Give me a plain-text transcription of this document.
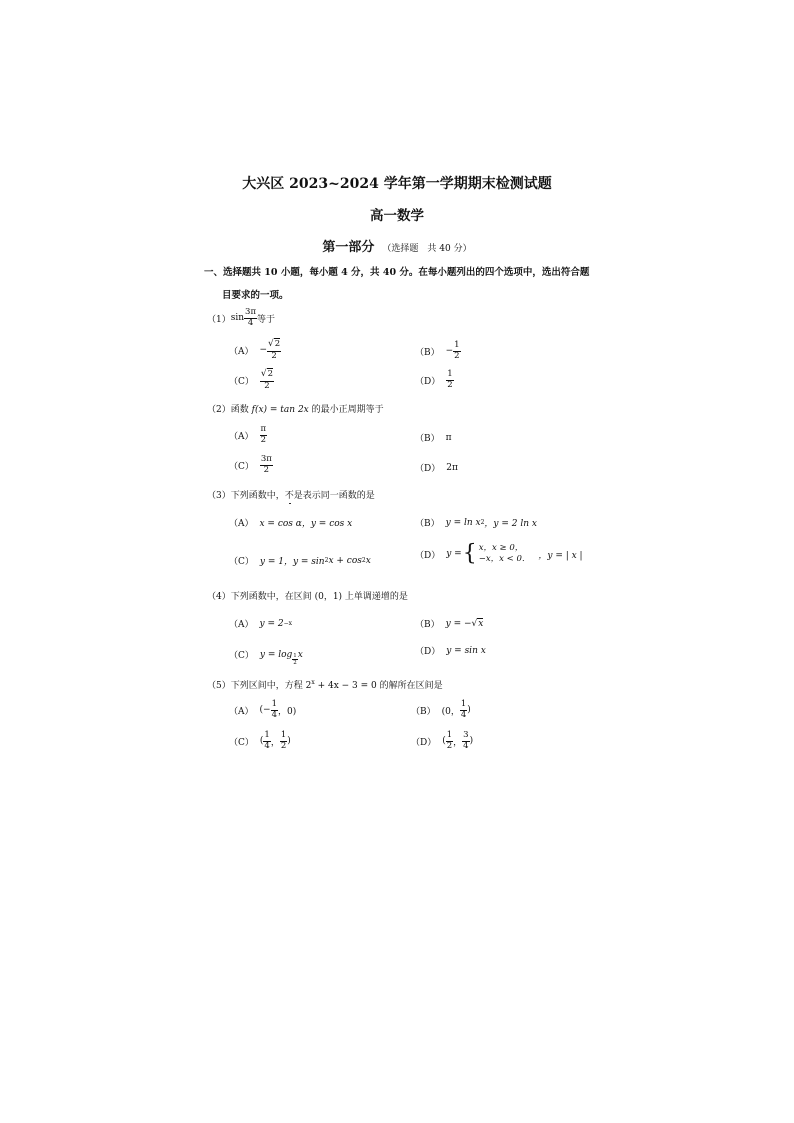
大兴区 2023~2024 学年第一学期期末检测试题
高一数学
第一部分 （选择题　共 40 分）
一、选择题共 10 小题，每小题 4 分，共 40 分。在每小题列出的四个选项中，选出符合题
目要求的一项。
（1） $\sin \frac{3\pi}{4}$ 等于
$(A) - \frac{√2}{2}$	$(B) - \frac{1}{2}$
$(C) \frac{√2}{2}$	$(D) \frac{1}{2}$
（2）函数 f(x) = tan 2x 的最小正周期等于
$(A) \frac{\pi}{2}$	（B） π
$(C) \frac{3\pi}{2}$	（D） 2π
（3）下列函数中，不是表示同一函数的是
（A） x = cos α，y = cos x	（B） y = ln x 2 ，y = 2 ln x
（C） y = 1，y = sin 2 x + cos 2 x	（D） y = { x，x ≥ 0，
−x，x < 0． ，y = | x |
（4）下列函数中，在区间 (0，1) 上单调递增的是
（A） y = 2 −x	（B） y = − √ x
（C） $y = \log \frac{1}{2}$ x	（D） y = sin x
（5）下列区间中，方程 $2^x + 4x - 3 = 0$ 的解所在区间是
（A） (− $\frac{1}{4}$ ，0)	（B） (0， $\frac{1}{4}$ )
（C） ( $\frac{1}{4}$ ， $\frac{1}{2}$ )	（D） ( $\frac{1}{2}$ ， $\frac{3}{4}$ )
